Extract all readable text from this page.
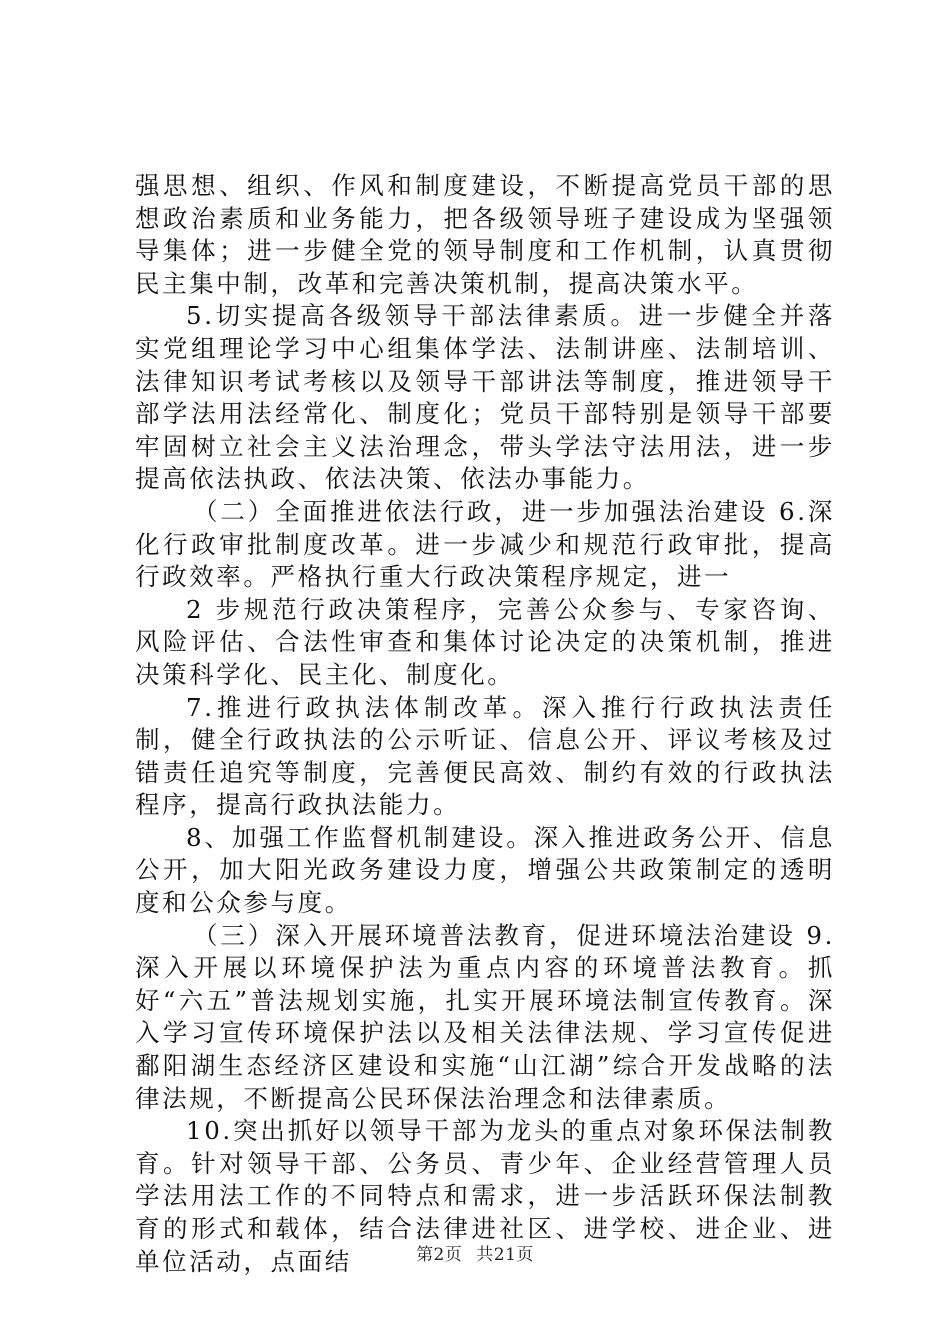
强思想、组织、作风和制度建设，不断提高党员干部的思想政治素质和业务能力，把各级领导班子建设成为坚强领导集体；进一步健全党的领导制度和工作机制，认真贯彻民主集中制，改革和完善决策机制，提高决策水平。

5.切实提高各级领导干部法律素质。进一步健全并落实党组理论学习中心组集体学法、法制讲座、法制培训、法律知识考试考核以及领导干部讲法等制度，推进领导干部学法用法经常化、制度化；党员干部特别是领导干部要牢固树立社会主义法治理念，带头学法守法用法，进一步提高依法执政、依法决策、依法办事能力。

（二）全面推进依法行政，进一步加强法治建设 6.深化行政审批制度改革。进一步减少和规范行政审批，提高行政效率。严格执行重大行政决策程序规定，进一

2 步规范行政决策程序，完善公众参与、专家咨询、风险评估、合法性审查和集体讨论决定的决策机制，推进决策科学化、民主化、制度化。

7.推进行政执法体制改革。深入推行行政执法责任制，健全行政执法的公示听证、信息公开、评议考核及过错责任追究等制度，完善便民高效、制约有效的行政执法程序，提高行政执法能力。

8、加强工作监督机制建设。深入推进政务公开、信息公开，加大阳光政务建设力度，增强公共政策制定的透明度和公众参与度。

（三）深入开展环境普法教育，促进环境法治建设 9.深入开展以环境保护法为重点内容的环境普法教育。抓好“六五”普法规划实施，扎实开展环境法制宣传教育。深入学习宣传环境保护法以及相关法律法规、学习宣传促进鄱阳湖生态经济区建设和实施“山江湖”综合开发战略的法律法规，不断提高公民环保法治理念和法律素质。

10.突出抓好以领导干部为龙头的重点对象环保法制教育。针对领导干部、公务员、青少年、企业经营管理人员学法用法工作的不同特点和需求，进一步活跃环保法制教育的形式和载体，结合法律进社区、进学校、进企业、进单位活动，点面结	第2页 共21页
